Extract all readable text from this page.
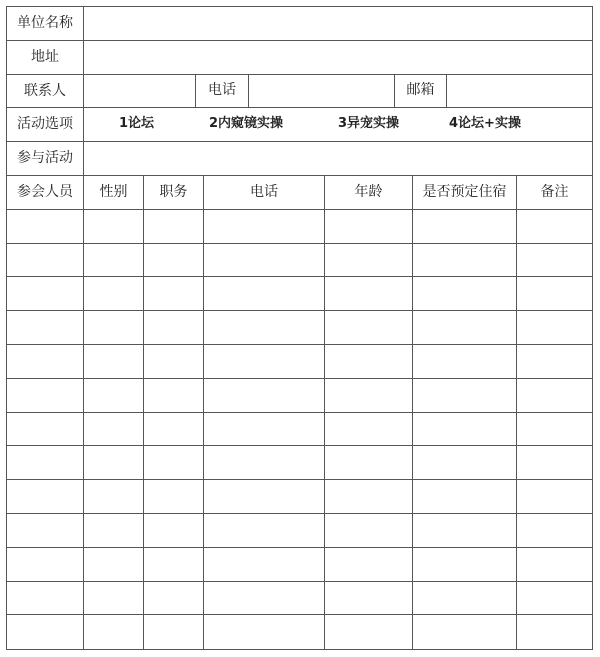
单位名称
地址
联系人	电话	邮箱
活动选项	1论坛	2内窥镜实操	3异宠实操	4论坛+实操
参与活动
参会人员	性别	职务	电话	年龄	是否预定住宿	备注
